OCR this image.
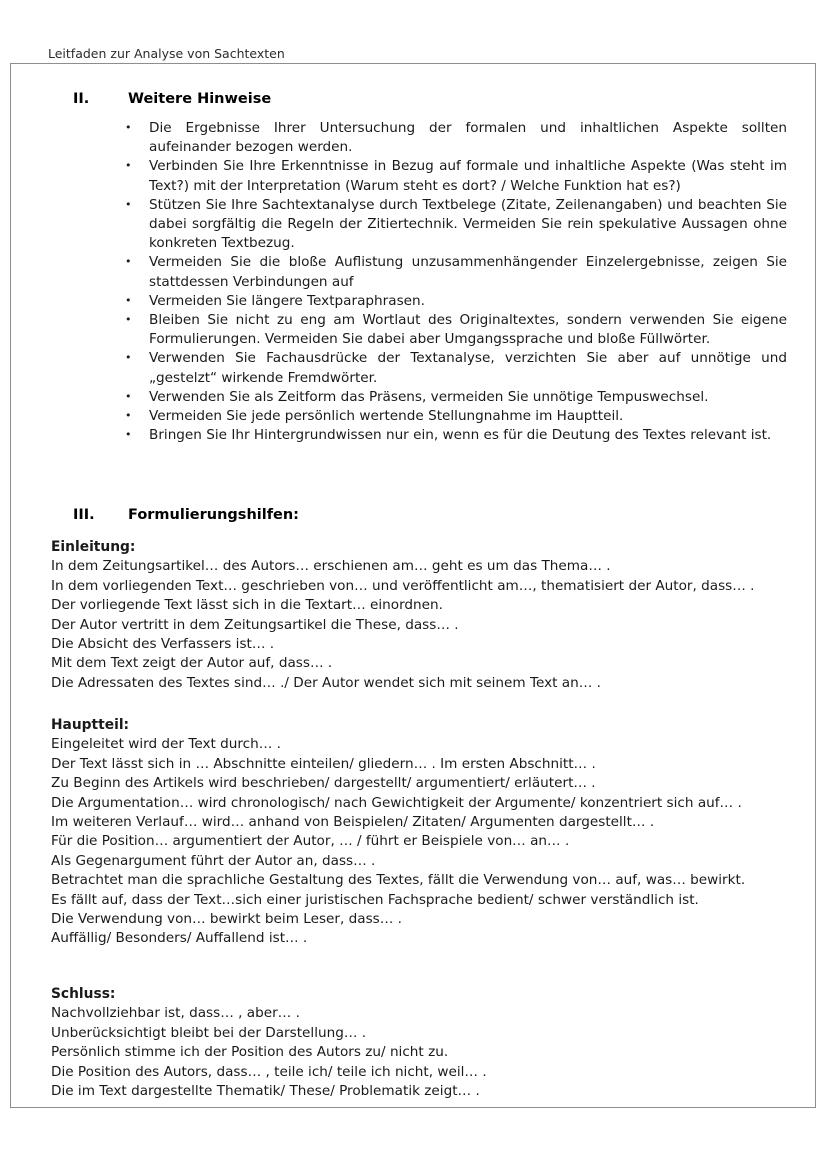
Leitfaden zur Analyse von Sachtexten
II.	Weitere Hinweise
• Die Ergebnisse Ihrer Untersuchung der formalen und inhaltlichen Aspekte sollten aufeinander bezogen werden.
• Verbinden Sie Ihre Erkenntnisse in Bezug auf formale und inhaltliche Aspekte (Was steht im Text?) mit der Interpretation (Warum steht es dort? / Welche Funktion hat es?)
• Stützen Sie Ihre Sachtextanalyse durch Textbelege (Zitate, Zeilenangaben) und beachten Sie dabei sorgfältig die Regeln der Zitiertechnik. Vermeiden Sie rein spekulative Aussagen ohne konkreten Textbezug.
• Vermeiden Sie die bloße Auflistung unzusammenhängender Einzelergebnisse, zeigen Sie stattdessen Verbindungen auf
• Vermeiden Sie längere Textparaphrasen.
• Bleiben Sie nicht zu eng am Wortlaut des Originaltextes, sondern verwenden Sie eigene Formulierungen. Vermeiden Sie dabei aber Umgangssprache und bloße Füllwörter.
• Verwenden Sie Fachausdrücke der Textanalyse, verzichten Sie aber auf unnötige und „gestelzt“ wirkende Fremdwörter.
• Verwenden Sie als Zeitform das Präsens, vermeiden Sie unnötige Tempuswechsel.
• Vermeiden Sie jede persönlich wertende Stellungnahme im Hauptteil.
• Bringen Sie Ihr Hintergrundwissen nur ein, wenn es für die Deutung des Textes relevant ist.
III.	Formulierungshilfen:

Einleitung:

In dem Zeitungsartikel… des Autors… erschienen am… geht es um das Thema… .

In dem vorliegenden Text… geschrieben von… und veröffentlicht am…, thematisiert der Autor, dass… .

Der vorliegende Text lässt sich in die Textart… einordnen.

Der Autor vertritt in dem Zeitungsartikel die These, dass… .

Die Absicht des Verfassers ist… .

Mit dem Text zeigt der Autor auf, dass… .

Die Adressaten des Textes sind… ./ Der Autor wendet sich mit seinem Text an… .

Hauptteil:

Eingeleitet wird der Text durch… .

Der Text lässt sich in … Abschnitte einteilen/ gliedern… . Im ersten Abschnitt… .

Zu Beginn des Artikels wird beschrieben/ dargestellt/ argumentiert/ erläutert… .

Die Argumentation… wird chronologisch/ nach Gewichtigkeit der Argumente/ konzentriert sich auf… .

Im weiteren Verlauf… wird… anhand von Beispielen/ Zitaten/ Argumenten dargestellt… .

Für die Position… argumentiert der Autor, … / führt er Beispiele von… an… .

Als Gegenargument führt der Autor an, dass… .

Betrachtet man die sprachliche Gestaltung des Textes, fällt die Verwendung von… auf, was… bewirkt.

Es fällt auf, dass der Text…sich einer juristischen Fachsprache bedient/ schwer verständlich ist.

Die Verwendung von… bewirkt beim Leser, dass… .

Auffällig/ Besonders/ Auffallend ist… .

Schluss:

Nachvollziehbar ist, dass… , aber… .

Unberücksichtigt bleibt bei der Darstellung… .

Persönlich stimme ich der Position des Autors zu/ nicht zu.

Die Position des Autors, dass… , teile ich/ teile ich nicht, weil… .

Die im Text dargestellte Thematik/ These/ Problematik zeigt… .
